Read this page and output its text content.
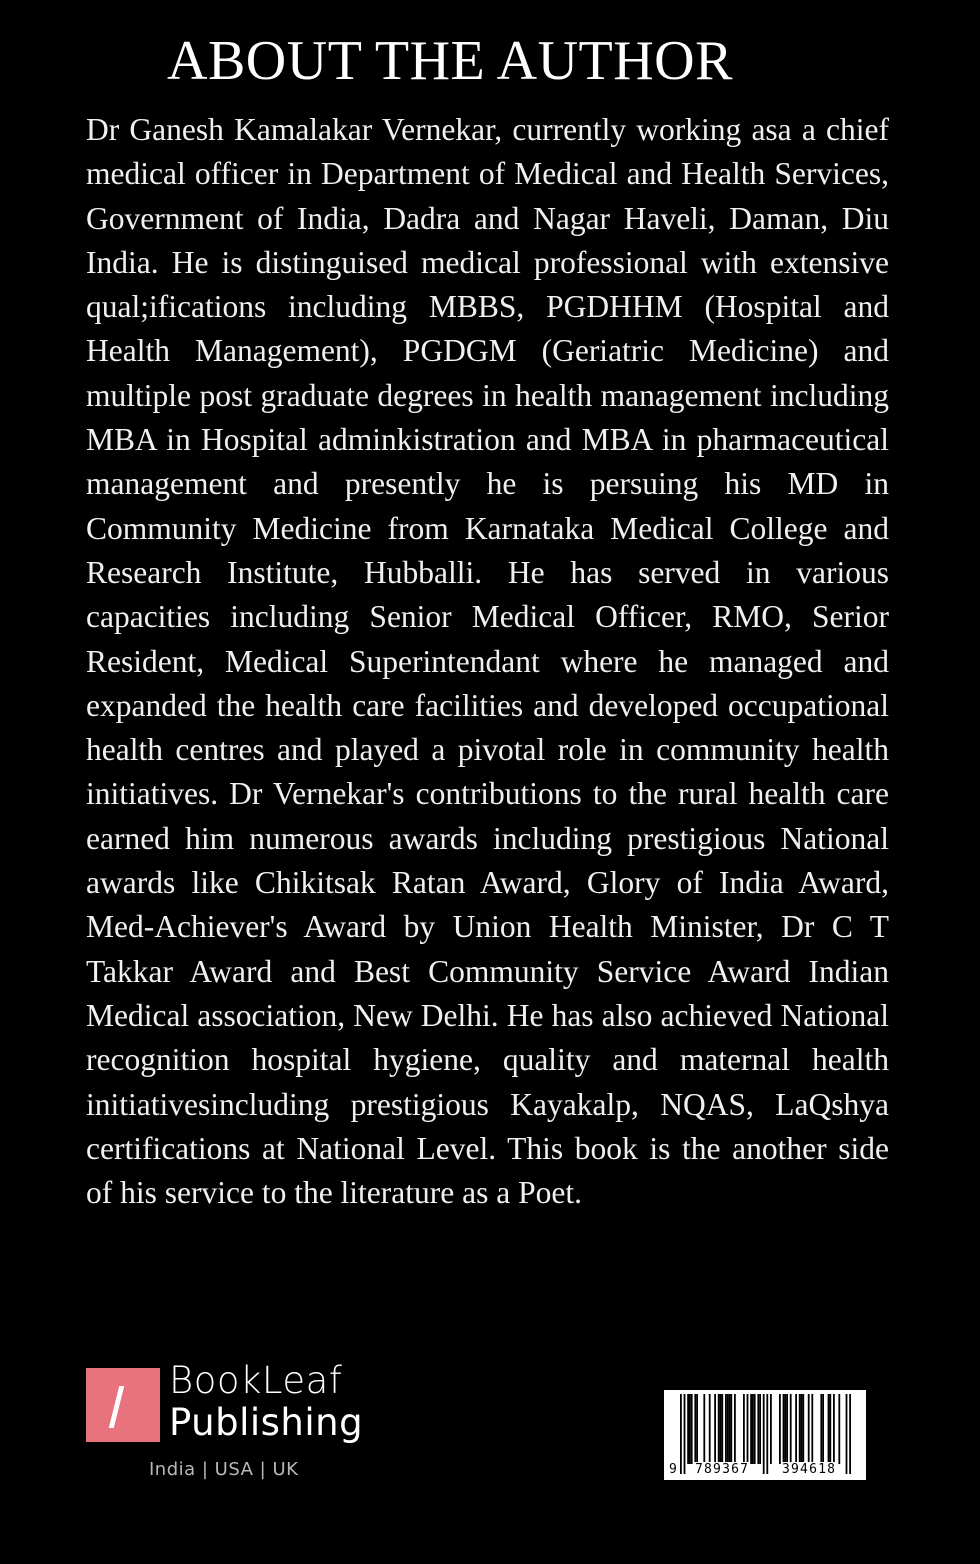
ABOUT THE AUTHOR

Dr Ganesh Kamalakar Vernekar, currently working asa a chief medical officer in Department of Medical and Health Services, Government of India, Dadra and Nagar Haveli, Daman, Diu India. He is distinguised medical professional with extensive qual;ifications including MBBS, PGDHHM (Hospital and Health Management), PGDGM (Geriatric Medicine) and multiple post graduate degrees in health management including MBA in Hospital adminkistration and MBA in pharmaceutical management and presently he is persuing his MD in Community Medicine from Karnataka Medical College and Research Institute, Hubballi. He has served in various capacities including Senior Medical Officer, RMO, Serior Resident, Medical Superintendant where he managed and expanded the health care facilities and developed occupational health centres and played a pivotal role in community health initiatives. Dr Vernekar's contributions to the rural health care earned him numerous awards including prestigious National awards like Chikitsak Ratan Award, Glory of India Award, Med-Achiever's Award by Union Health Minister, Dr C T Takkar Award and Best Community Service Award Indian Medical association, New Delhi. He has also achieved National recognition hospital hygiene, quality and maternal health initiativesincluding prestigious Kayakalp, NQAS, LaQshya certifications at National Level. This book is the another side of his service to the literature as a Poet.

BookLeaf
Publishing
India | USA | UK	9 789367	394618
